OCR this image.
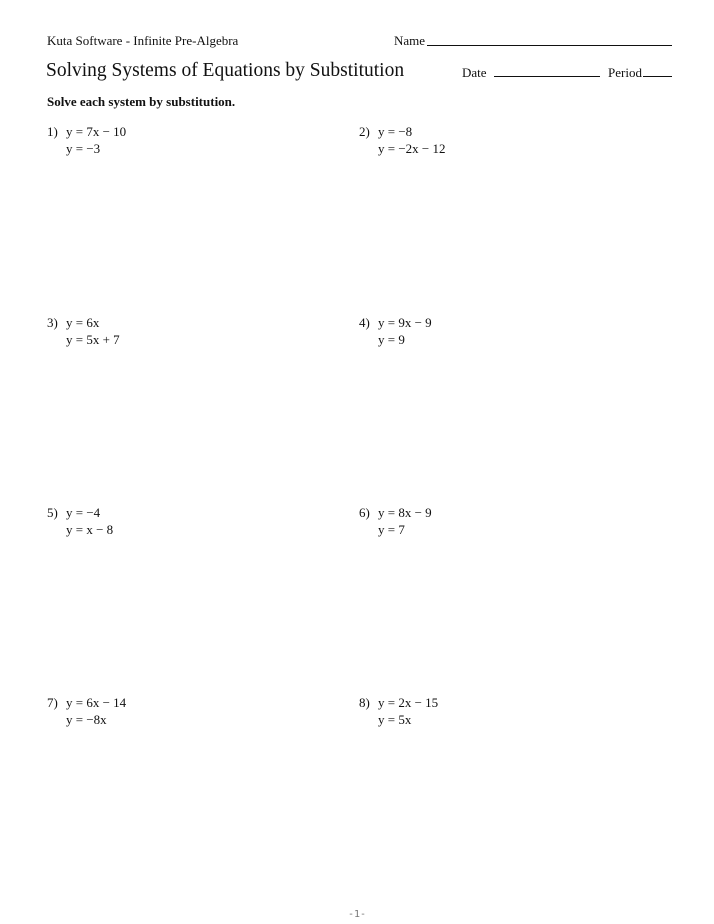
Kuta Software - Infinite Pre-Algebra	Name
Solving Systems of Equations by Substitution	Date	Period
Solve each system by substitution.
1) y = 7x − 10
y = −3
2) y = −8
y = −2x − 12
3) y = 6x
y = 5x + 7
4) y = 9x − 9
y = 9
5) y = −4
y = x − 8
6) y = 8x − 9
y = 7
7) y = 6x − 14
y = −8x
8) y = 2x − 15
y = 5x
-1-
